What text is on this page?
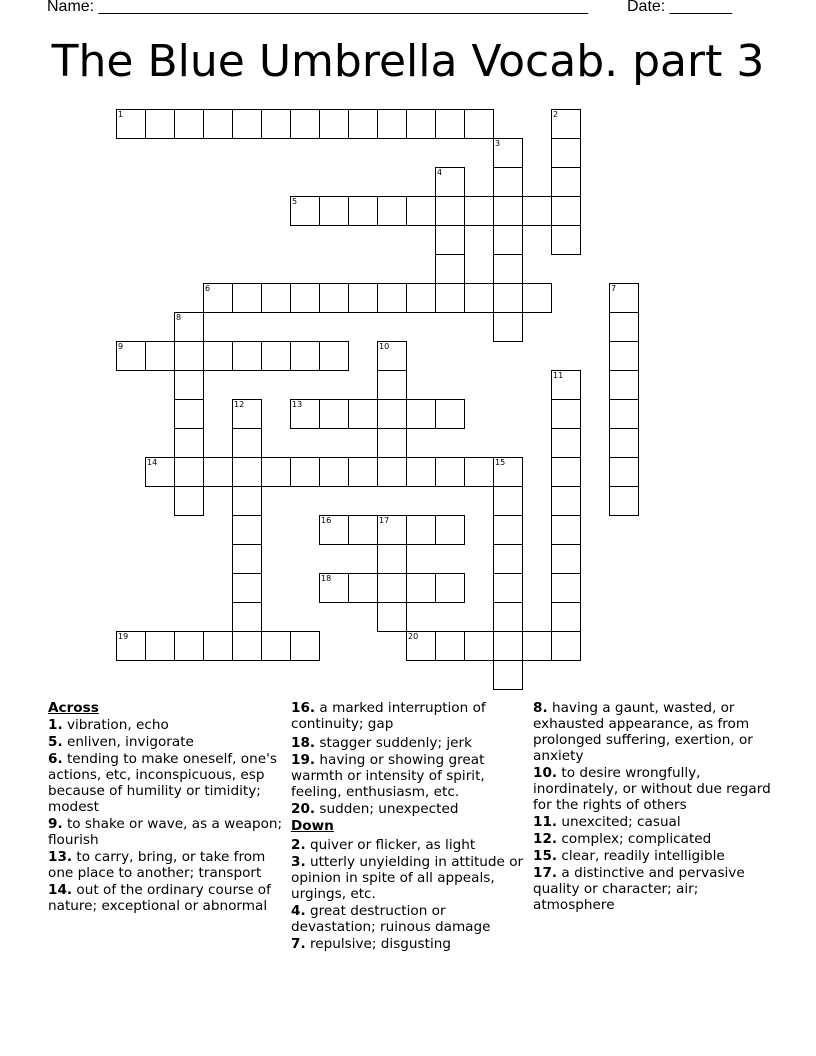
Name: _______________________________________________________ Date: _______
The Blue Umbrella Vocab. part 3
1	2
3
4
5
6	7
8
9	10
11
12	13
14	15
16	17
18
19	20
Across
1. vibration, echo
5. enliven, invigorate
6. tending to make oneself, one's actions, etc, inconspicuous, esp because of humility or timidity; modest
9. to shake or wave, as a weapon; flourish
13. to carry, bring, or take from one place to another; transport
14. out of the ordinary course of nature; exceptional or abnormal
16. a marked interruption of continuity; gap
18. stagger suddenly; jerk
19. having or showing great warmth or intensity of spirit, feeling, enthusiasm, etc.
20. sudden; unexpected
Down
2. quiver or flicker, as light
3. utterly unyielding in attitude or opinion in spite of all appeals, urgings, etc.
4. great destruction or devastation; ruinous damage
7. repulsive; disgusting
8. having a gaunt, wasted, or exhausted appearance, as from prolonged suffering, exertion, or anxiety
10. to desire wrongfully, inordinately, or without due regard for the rights of others
11. unexcited; casual
12. complex; complicated
15. clear, readily intelligible
17. a distinctive and pervasive quality or character; air; atmosphere
